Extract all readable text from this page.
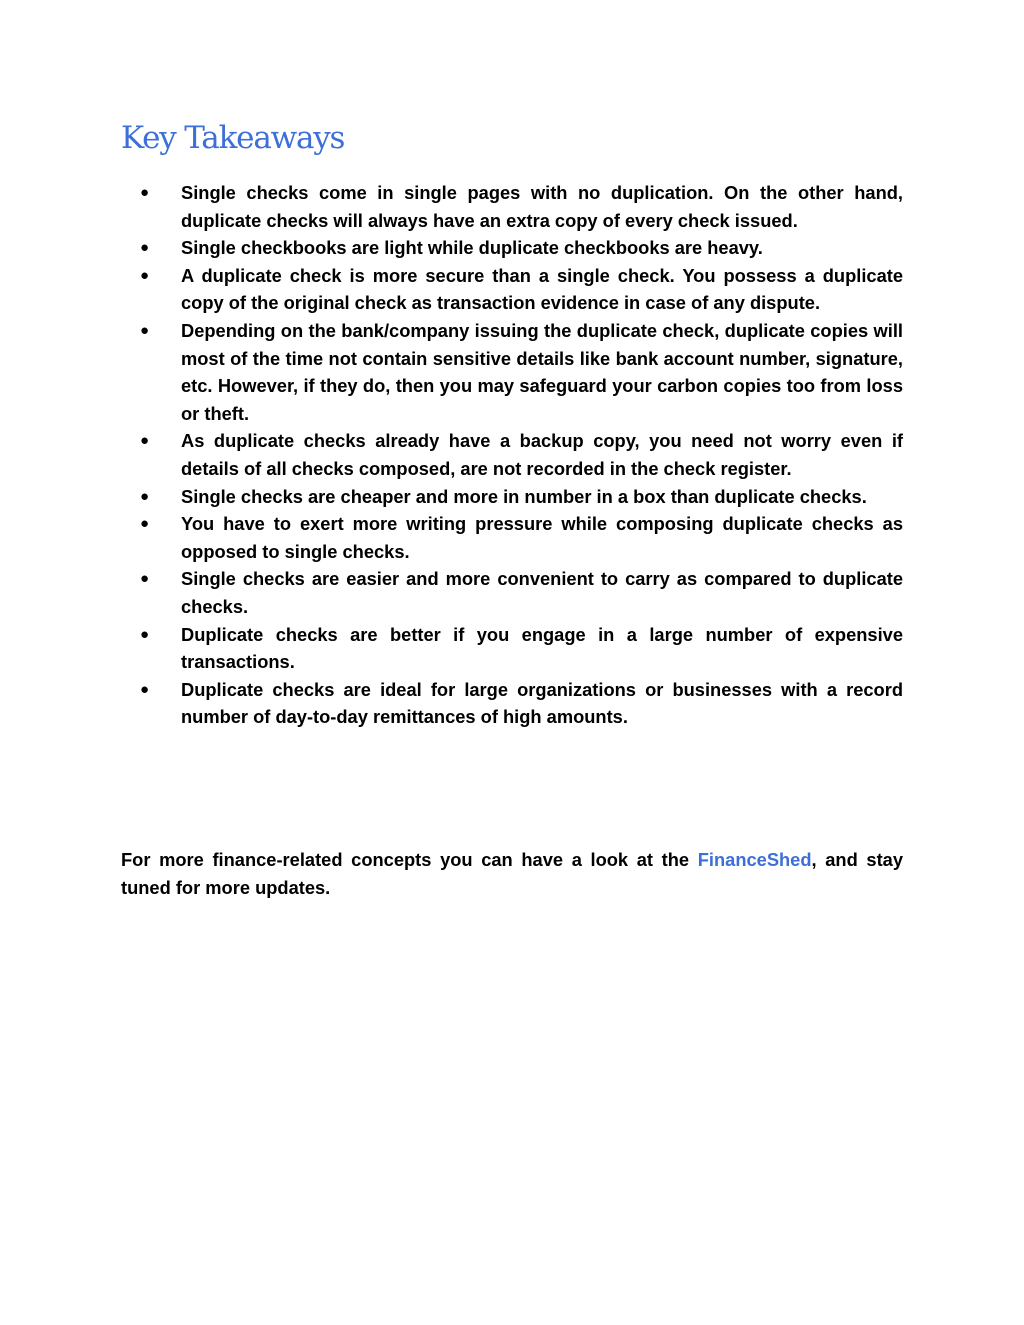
Key Takeaways
● Single checks come in single pages with no duplication. On the other hand, duplicate checks will always have an extra copy of every check issued.
● Single checkbooks are light while duplicate checkbooks are heavy.
● A duplicate check is more secure than a single check. You possess a duplicate copy of the original check as transaction evidence in case of any dispute.
● Depending on the bank/company issuing the duplicate check, duplicate copies will most of the time not contain sensitive details like bank account number, signature, etc. However, if they do, then you may safeguard your carbon copies too from loss or theft.
● As duplicate checks already have a backup copy, you need not worry even if details of all checks composed, are not recorded in the check register.
● Single checks are cheaper and more in number in a box than duplicate checks.
● You have to exert more writing pressure while composing duplicate checks as opposed to single checks.
● Single checks are easier and more convenient to carry as compared to duplicate checks.
● Duplicate checks are better if you engage in a large number of expensive transactions.
● Duplicate checks are ideal for large organizations or businesses with a record number of day-to-day remittances of high amounts.

For more finance-related concepts you can have a look at the FinanceShed, and stay tuned for more updates.
